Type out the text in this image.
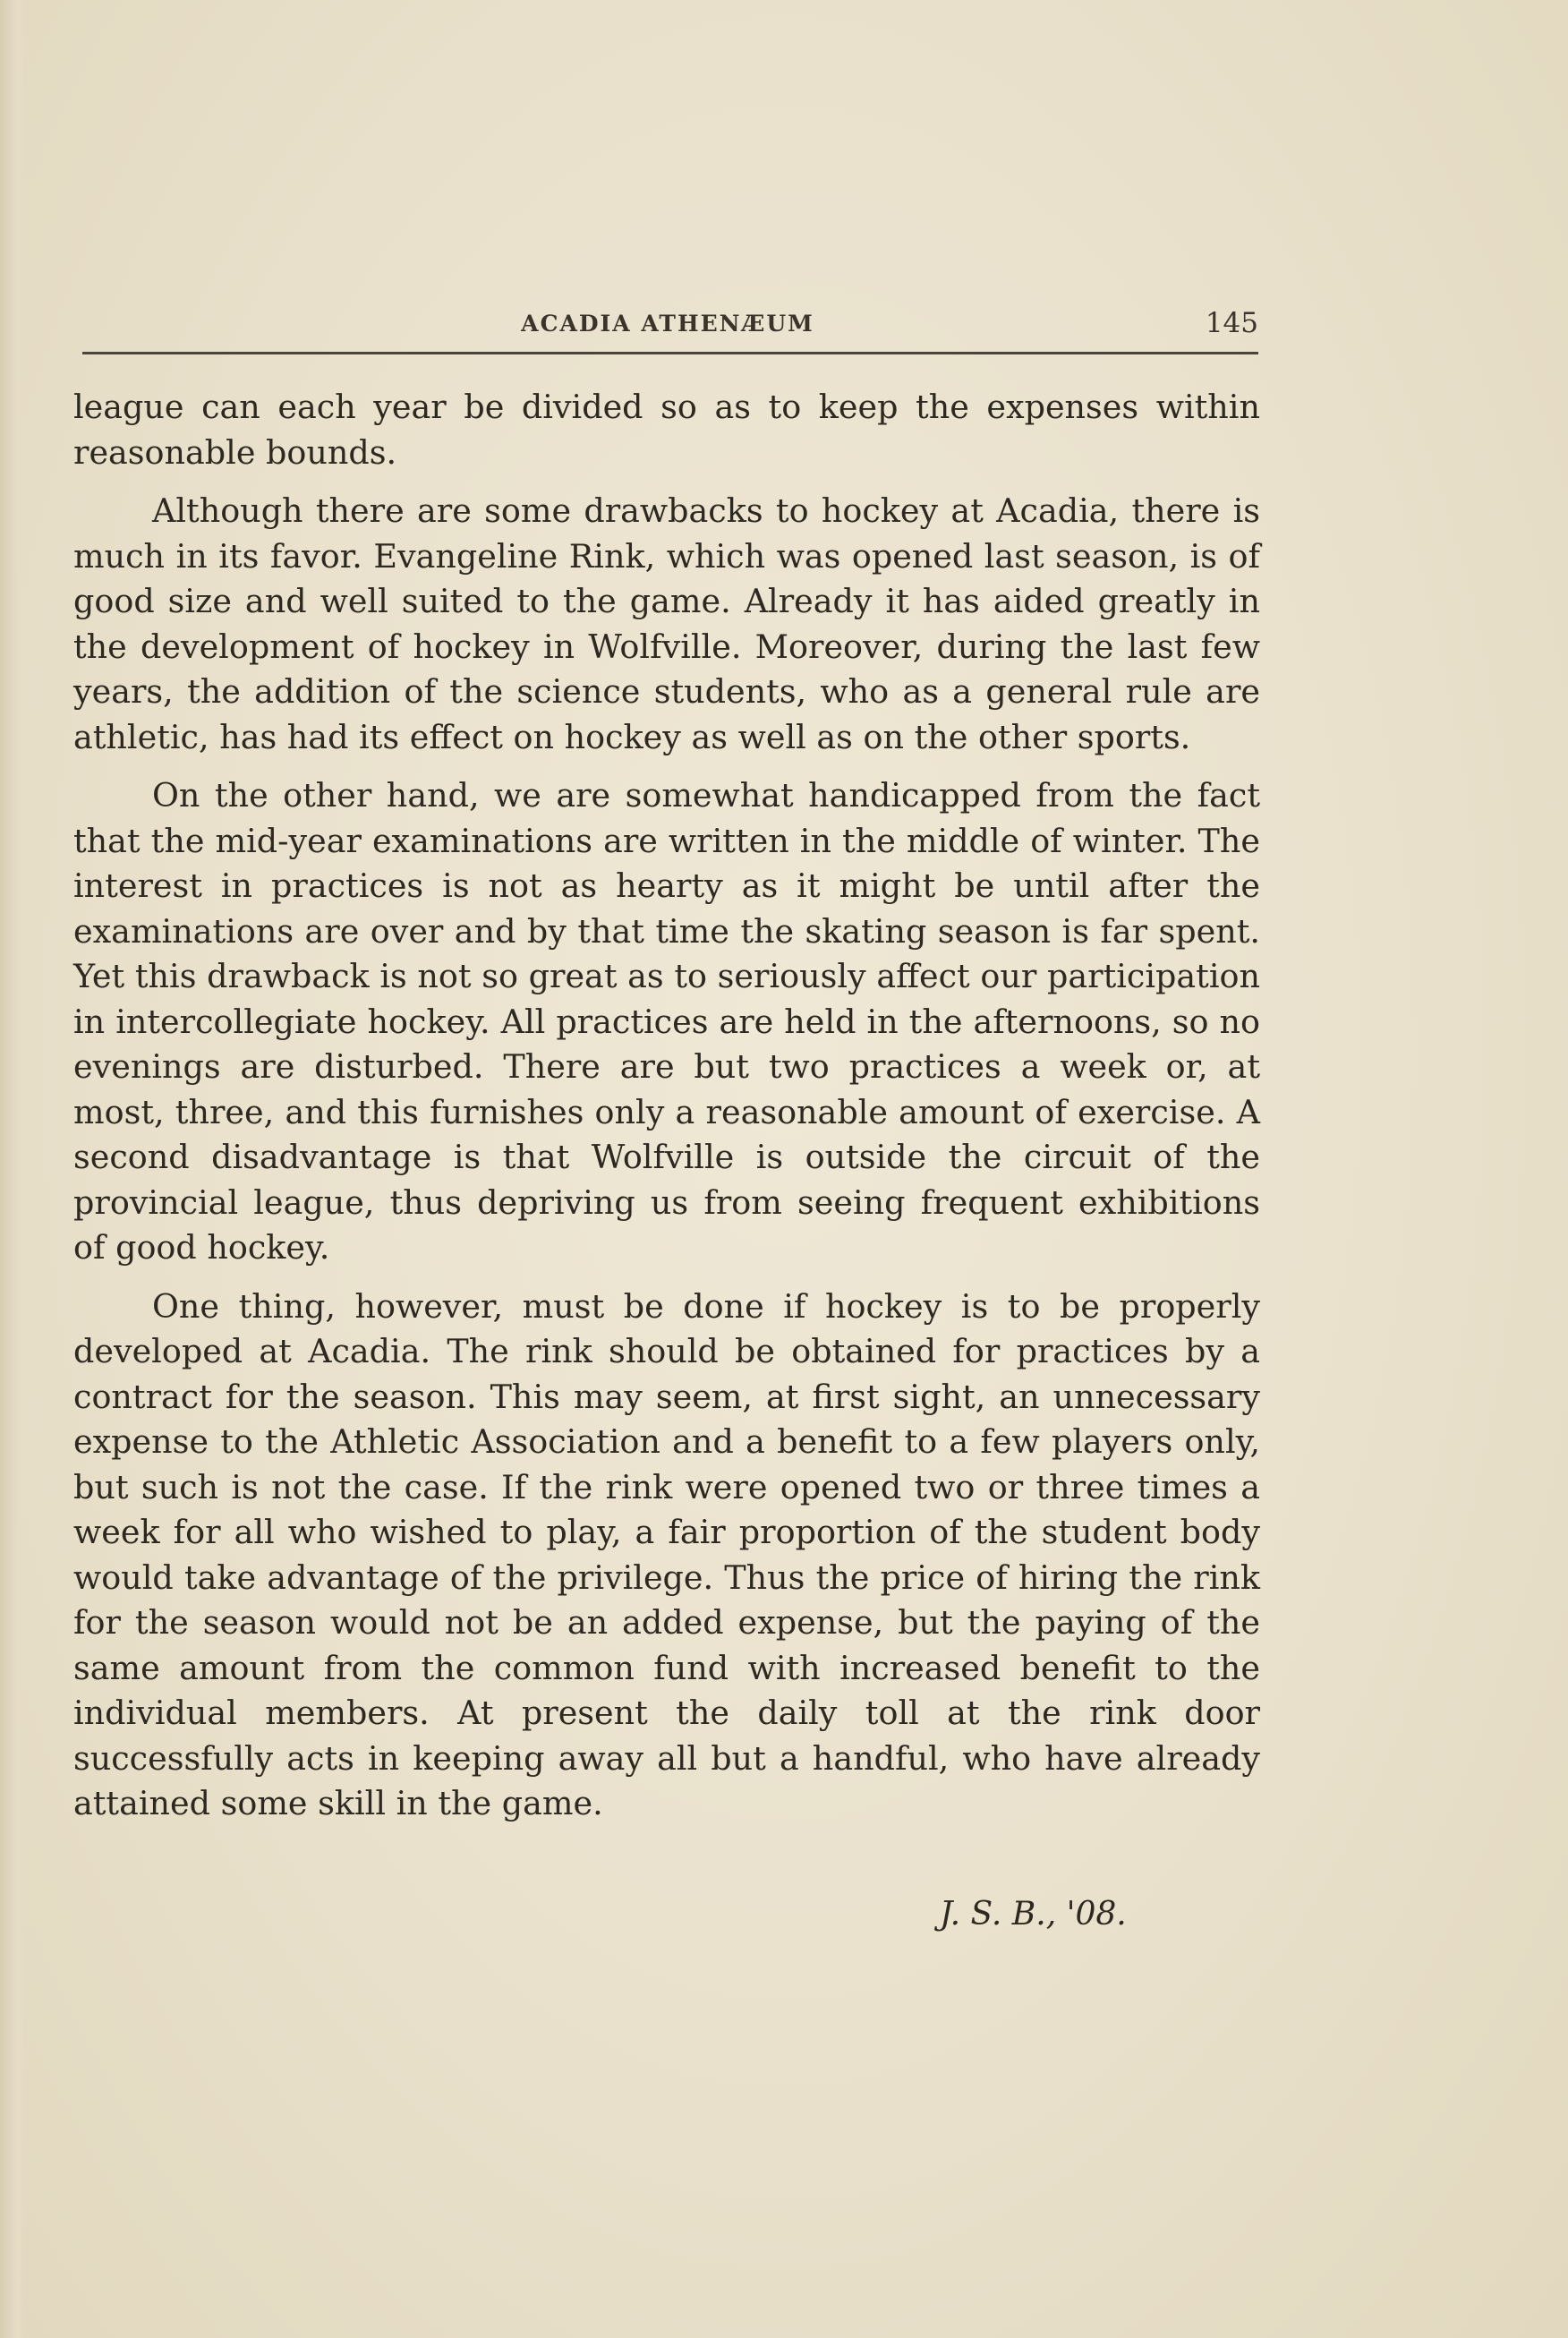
ACADIA ATHENÆUM	145

league can each year be divided so as to keep the expenses within reasonable bounds.

Although there are some drawbacks to hockey at Acadia, there is much in its favor. Evangeline Rink, which was opened last season, is of good size and well suited to the game. Already it has aided greatly in the development of hockey in Wolfville. Moreover, during the last few years, the addition of the science students, who as a general rule are athletic, has had its effect on hockey as well as on the other sports.

On the other hand, we are somewhat handicapped from the fact that the mid-year examinations are written in the middle of winter. The interest in practices is not as hearty as it might be until after the examinations are over and by that time the skating season is far spent. Yet this drawback is not so great as to seriously affect our participation in intercollegiate hockey. All practices are held in the afternoons, so no evenings are disturbed. There are but two practices a week or, at most, three, and this furnishes only a reasonable amount of exercise. A second disadvantage is that Wolfville is outside the circuit of the provincial league, thus depriving us from seeing frequent exhibitions of good hockey.

One thing, however, must be done if hockey is to be properly developed at Acadia. The rink should be obtained for practices by a contract for the season. This may seem, at first sight, an unnecessary expense to the Athletic Association and a benefit to a few players only, but such is not the case. If the rink were opened two or three times a week for all who wished to play, a fair proportion of the student body would take advantage of the privilege. Thus the price of hiring the rink for the season would not be an added expense, but the paying of the same amount from the common fund with increased benefit to the individual members. At present the daily toll at the rink door successfully acts in keeping away all but a handful, who have already attained some skill in the game.

J. S. B., '08.
